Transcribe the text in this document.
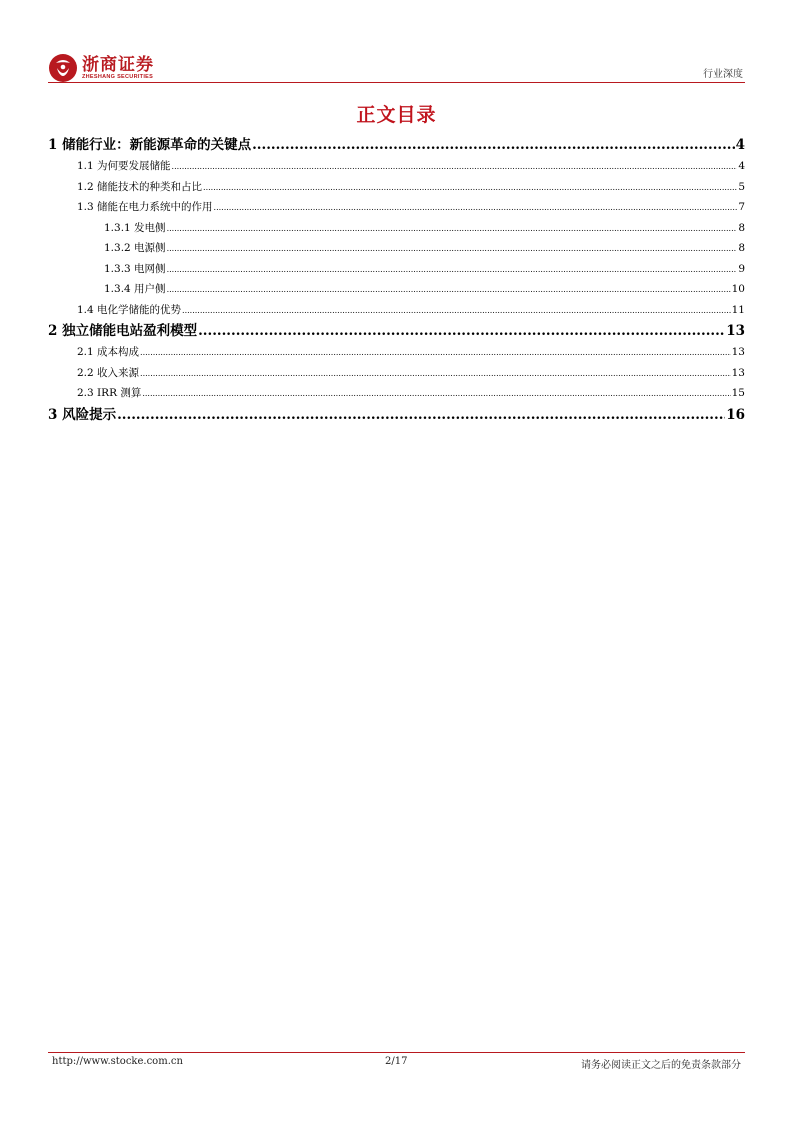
浙商证券
ZHESHANG SECURITIES	行业深度
正文目录
1 储能行业：新能源革命的关键点 .....	4
1.1 为何要发展储能 .....	4
1.2 储能技术的种类和占比 .....	5
1.3 储能在电力系统中的作用 .....	7
1.3.1 发电侧 .....	8
1.3.2 电源侧 .....	8
1.3.3 电网侧 .....	9
1.3.4 用户侧 .....	10
1.4 电化学储能的优势 .....	11
2 独立储能电站盈利模型 .....	13
2.1 成本构成 .....	13
2.2 收入来源 .....	13
2.3 IRR 测算 .....	15
3 风险提示 .....	16
http://www.stocke.com.cn	2/17	请务必阅读正文之后的免责条款部分
